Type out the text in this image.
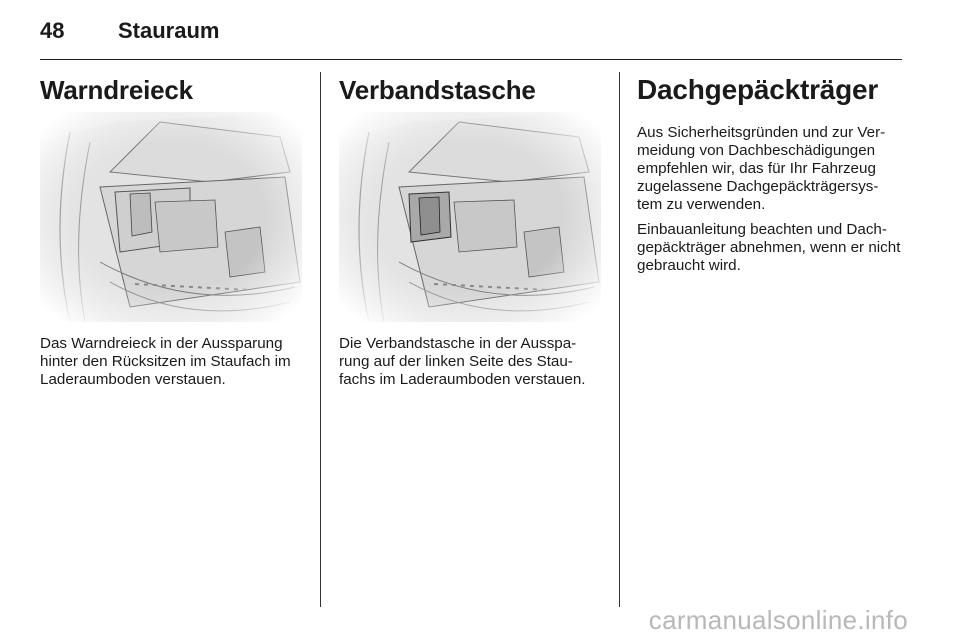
48	Stauraum
Warndreieck
Das Warndreieck in der Aussparung hinter den Rücksitzen im Staufach im Laderaumboden verstauen.
Verbandstasche
Die Verbandstasche in der Ausspa- rung auf der linken Seite des Stau- fachs im Laderaumboden verstauen.
Dachgepäckträger

Aus Sicherheitsgründen und zur Ver- meidung von Dachbeschädigungen empfehlen wir, das für Ihr Fahrzeug zugelassene Dachgepäckträgersys- tem zu verwenden.

Einbauanleitung beachten und Dach- gepäckträger abnehmen, wenn er nicht gebraucht wird.

carmanualsonline.info
